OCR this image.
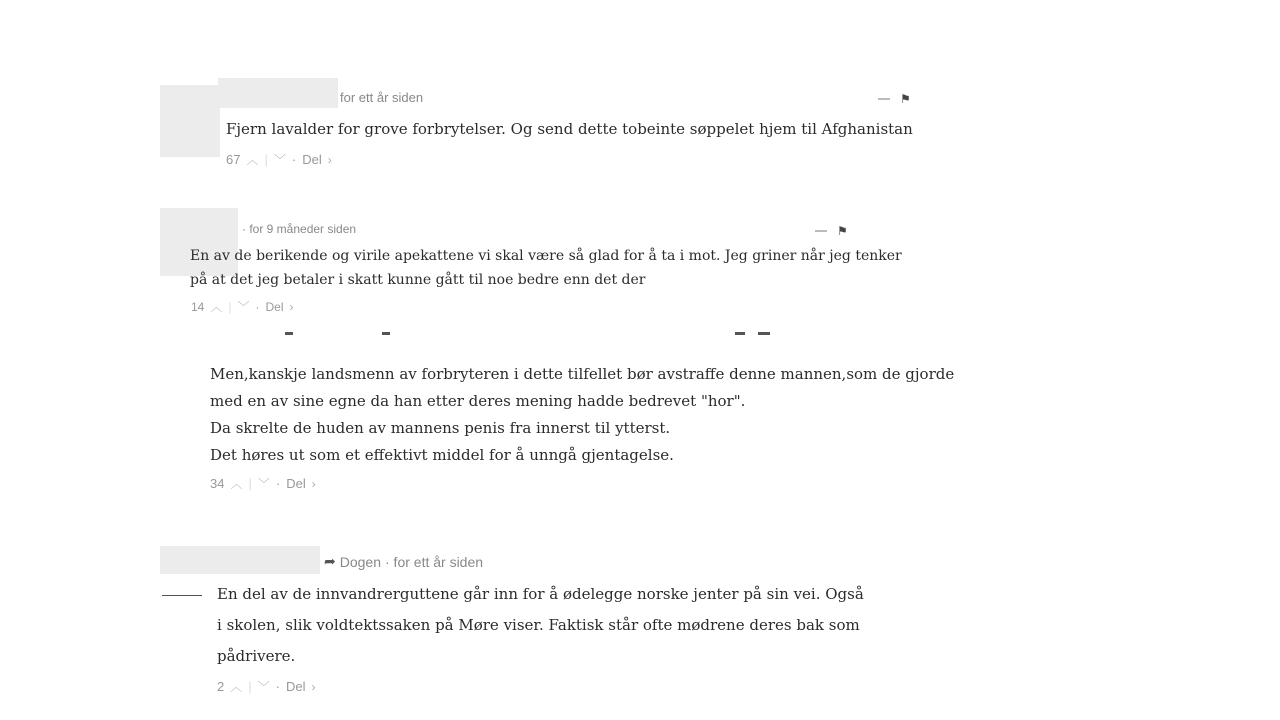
for ett år siden	⚑
Fjern lavalder for grove forbrytelser. Og send dette tobeinte søppelet hjem til Afghanistan
67 ︿ | ﹀ · Del ›
· for 9 måneder siden	⚑
En av de berikende og virile apekattene vi skal være så glad for å ta i mot. Jeg griner når jeg tenker
på at det jeg betaler i skatt kunne gått til noe bedre enn det der
14 ︿ | ﹀ · Del ›
Men,kanskje landsmenn av forbryteren i dette tilfellet bør avstraffe denne mannen,som de gjorde
med en av sine egne da han etter deres mening hadde bedrevet "hor".
Da skrelte de huden av mannens penis fra innerst til ytterst.
Det høres ut som et effektivt middel for å unngå gjentagelse.
34 ︿ | ﹀ · Del ›
➦ Dogen · for ett år siden
En del av de innvandrerguttene går inn for å ødelegge norske jenter på sin vei. Også
i skolen, slik voldtektssaken på Møre viser. Faktisk står ofte mødrene deres bak som
pådrivere.
2 ︿ | ﹀ · Del ›
